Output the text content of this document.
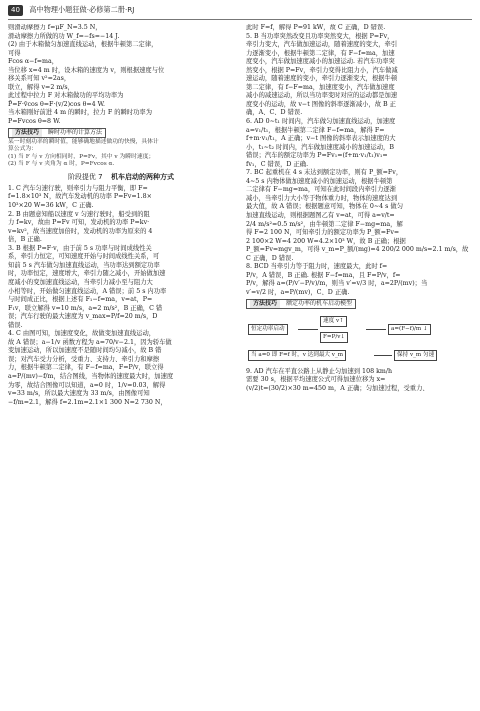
40 高中物理小题狂做·必修第二册·RJ

则滑动摩擦力 f=μF_N=3.5 N，

滑动摩擦力所做的功 W_f=−fs=−14 J.

(2) 由于木箱做匀加速直线运动，根据牛顿第二定律，

可得

Fcos α−f=ma，

当位移 x=4 m 时，设木箱的速度为 v，则根据速度与位

移关系可知 v²=2as，

联立，解得 v=2 m/s，

此过程中拉力 F 对木箱做功的平均功率为

P̄=F·v̄cos θ=F·(v/2)cos θ=4 W.

当木箱刚好前进 4 m 的瞬时，拉力 F 的瞬时功率为

P=Fvcos θ=8 W.

方法技巧 瞬时功率的计算方法

某一时刻功率的瞬时值，能够确地描述做功的快慢，具体计

算公式为：

(1) 当 F 与 v 方向相同时，P=Fv，其中 v 为瞬时速度；

(2) 当 F 与 v 夹角为 α 时，P=Fvcos α.

阶段提优 7 机车启动的两种方式

1. C 汽车匀速行驶，则牵引力与阻力平衡，即 F=

f=1.8×10³ N，故汽车发动机的功率 P=Fv=1.8×

10³×20 W=36 kW，C 正确.

2. B 由题意知船以速度 v 匀速行驶时，船受到的阻

力 f=kv，故由 P=Fv 可知，发动机的功率 P=kv·

v=kv²，故当速度加倍时，发动机的功率为原来的 4

倍，B 正确.

3. B 根据 P=F·v，由于前 5 s 功率与时间成线性关

系，牵引力恒定，可知速度开始与时间成线性关系，可

知前 5 s 汽车做匀加速直线运动，当功率达到额定功率

时，功率恒定，速度增大，牵引力随之减小，开始做加速

度减小的变加速直线运动，当牵引力减小至与阻力大

小相等时，开始做匀速直线运动，A 错误；前 5 s 内功率

与时间成正比，根据上述有 F₁−f=ma，v=at，P=

F₁v，联立解得 v=10 m/s，a=2 m/s²，B 正确，C 错

误；汽车行驶的最大速度为 v_max=P/f=20 m/s，D

错误.

4. C 由图可知，加速度变化，故做变加速直线运动，

故 A 错误；a−1/v 函数方程为 a=70/v−2.1，因为轿车做

变加速运动，所以加速度不是随时间均匀减小，故 B 错

误；对汽车受力分析，受重力、支持力、牵引力和摩擦

力，根据牛顿第二定律，有 F−f=ma，F=P/v，联立得

a=P/(mv)−f/m，结合图线，当物体的速度最大时，加速度

为零，故结合图像可以知道，a=0 时，1/v=0.03，解得

v=33 m/s，所以最大速度为 33 m/s，由图像可知

−f/m=2.1，解得 f=2.1m=2.1×1 300 N=2 730 N，

此时 F=f，解得 P=91 kW，故 C 正确，D 错误.

5. B 当功率突然改变且功率突然变大，根据 P=Fv，

牵引力变大，汽车做加速运动，随着速度的变大，牵引

力逐渐变小，根据牛顿第二定律，有 F−f=ma，加速

度变小，汽车做加速度减小的加速运动. 若汽车功率突

然变小，根据 P=Fv，牵引力变得比阻力小，汽车做减

速运动，随着速度的变小，牵引力逐渐变大，根据牛顿

第二定律，有 f−F=ma，加速度变小，汽车做加速度

减小的减速运动，所以当功率变时对应的运动都是加速

度变小的运动，故 v−t 图像的斜率逐渐减小，故 B 正

确，A、C、D 错误.

6. AD 0∼t₁ 时间内，汽车做匀加速直线运动，加速度

a=v₁/t₁，根据牛顿第二定律 F−f=ma，解得 F=

f+m·v₁/t₁，A 正确；v−t 图像的斜率表示加速度的大

小，t₁∼t₂ 时间内，汽车做加速度减小的加速运动，B

错误；汽车的额定功率为 P=Fv₁=(f+m·v₁/t₁)v₁=

fv₁，C 错误，D 正确.

7. BC 起重机在 4 s 末达到额定功率，则有 P_额=Fv，

4∼5 s 内物体做加速度减小的加速运动，根据牛顿第

二定律有 F−mg=ma，可知在此时间段内牵引力逐渐

减小，当牵引力大小等于物体重力时，物体的速度达到

最大值，故 A 错误；根据题意可知，物体在 0∼4 s 做匀

加速直线运动，则根据题图乙有 v=at，可得 a=v/t=

2/4 m/s²=0.5 m/s²，由牛顿第二定律 F−mg=ma，解

得 F=2 100 N，可知牵引力的额定功率为 P_额=Fv=

2 100×2 W=4 200 W=4.2×10³ W，故 B 正确；根据

P_额=Fv=mgv_m，可得 v_m=P_额/(mg)=4 200/2 000 m/s=2.1 m/s，故

C 正确，D 错误.

8. BCD 当牵引力等于阻力时，速度最大，此时 f=

P/v，A 错误，B 正确. 根据 F−f=ma，且 F=P/v，f=

P/v，解得 a=(P/v′−P/v)/m，则当 v′=v/3 时，a=2P/(mv)；当

v′=v/2 时，a=P/(mv)，C、D 正确.

方法技巧 额定功率的机车启动模型
恒定功率启动
速度 v↑
F=P/v↓
a=(F−f)/m ↓
当 a=0 即 F=f 时，v 达到最大 v_m	保持 v_m 匀速

9. AD 汽车在平直公路上从静止匀加速到 108 km/h

需要 30 s，根据平均速度公式可得加速位移为 x=

(v/2)t=(30/2)×30 m=450 m，A 正确；匀加速过程，受重力、
